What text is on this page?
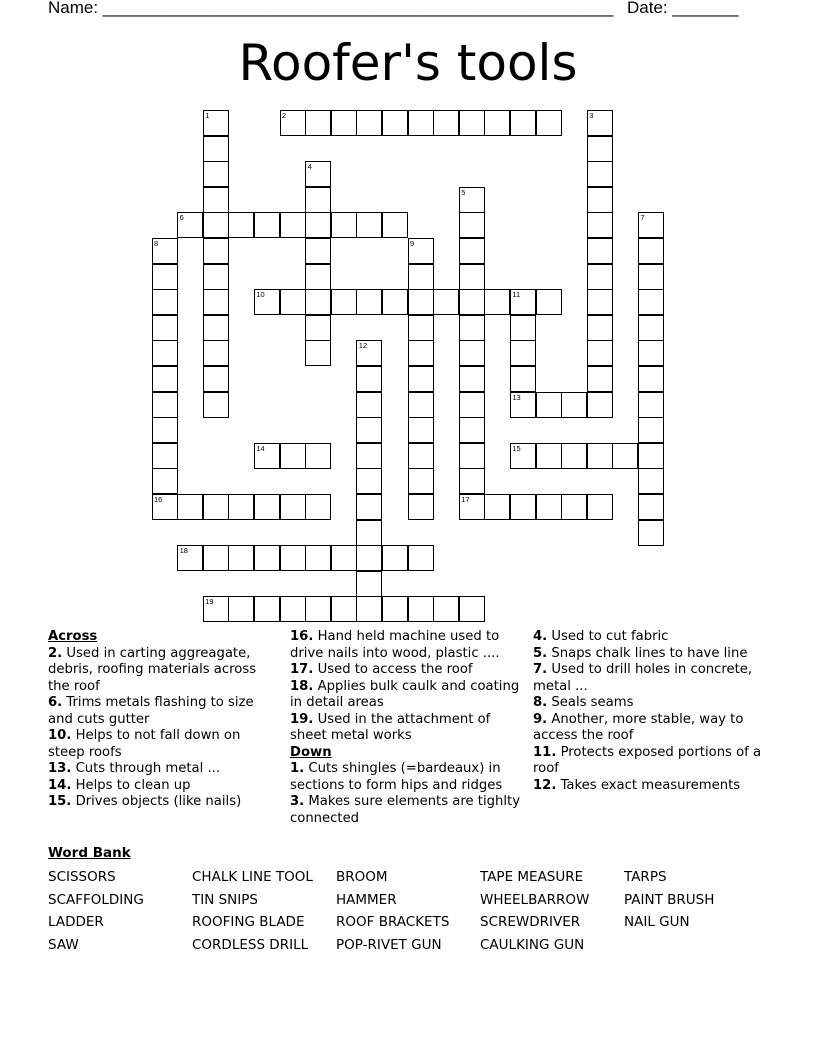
Name: ______________________________________________________ Date: _______
Roofer's tools
1	2	3
4
5
6	7
8
16
9
10	11
13
12
14	15
17
18
19
Across
2. Used in carting aggreagate, debris, roofing materials across the roof
6. Trims metals flashing to size and cuts gutter
10. Helps to not fall down on steep roofs
13. Cuts through metal ...
14. Helps to clean up
15. Drives objects (like nails)
16. Hand held machine used to drive nails into wood, plastic ....
17. Used to access the roof
18. Applies bulk caulk and coating in detail areas
19. Used in the attachment of sheet metal works
Down
1. Cuts shingles (=bardeaux) in sections to form hips and ridges
3. Makes sure elements are tighlty connected
4. Used to cut fabric
5. Snaps chalk lines to have line
7. Used to drill holes in concrete, metal ...
8. Seals seams
9. Another, more stable, way to access the roof
11. Protects exposed portions of a roof
12. Takes exact measurements
Word Bank
SCISSORS
SCAFFOLDING
LADDER
SAW
CHALK LINE TOOL
TIN SNIPS
ROOFING BLADE
CORDLESS DRILL
BROOM
HAMMER
ROOF BRACKETS
POP-RIVET GUN
TAPE MEASURE
WHEELBARROW
SCREWDRIVER
CAULKING GUN
TARPS
PAINT BRUSH
NAIL GUN
